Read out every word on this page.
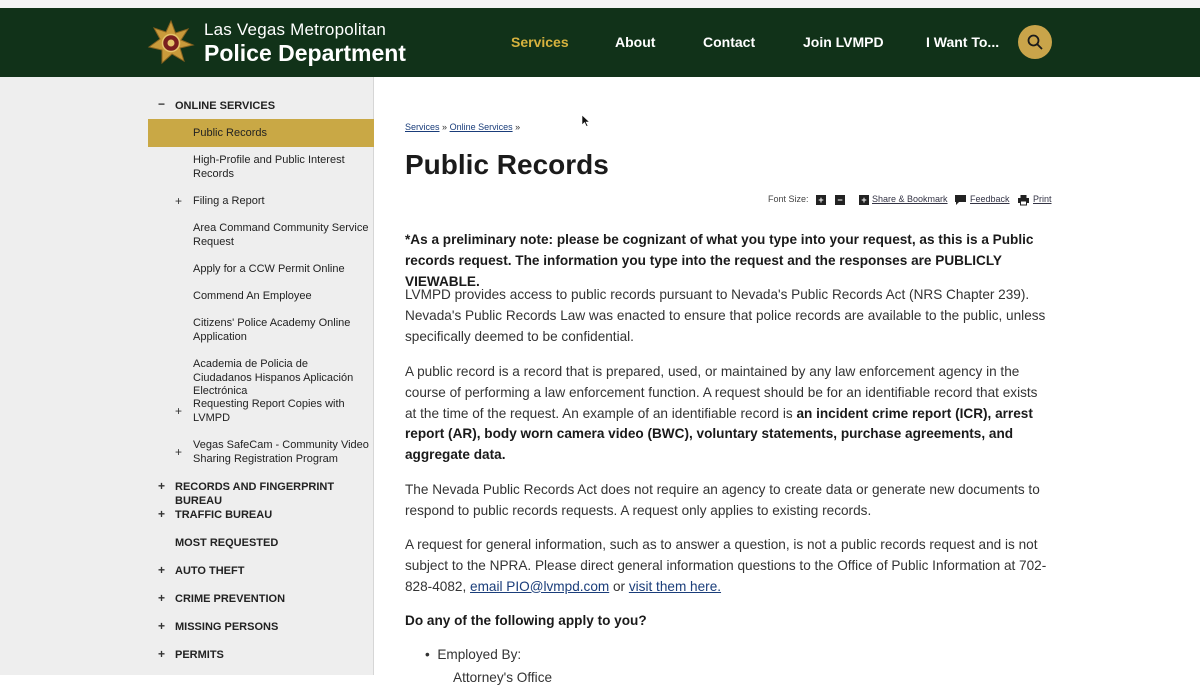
Las Vegas Metropolitan
Police Department	Services	About	Contact	Join LVMPD	I Want To...
− ONLINE SERVICES
Public Records
High-Profile and Public Interest Records
+ Filing a Report
Area Command Community Service Request
Apply for a CCW Permit Online
Commend An Employee
Citizens' Police Academy Online Application
Academia de Policia de Ciudadanos Hispanos Aplicación Electrónica
+ Requesting Report Copies with LVMPD
+ Vegas SafeCam - Community Video Sharing Registration Program
+ RECORDS AND FINGERPRINT BUREAU
+ TRAFFIC BUREAU
MOST REQUESTED
+ AUTO THEFT
+ CRIME PREVENTION
+ MISSING PERSONS
+ PERMITS
Services » Online Services »
Public Records
Font Size: + − + Share & Bookmark Feedback	Print
*As a preliminary note: please be cognizant of what you type into your request, as this is a Public records request. The information you type into the request and the responses are PUBLICLY VIEWABLE.
LVMPD provides access to public records pursuant to Nevada's Public Records Act (NRS Chapter 239). Nevada's Public Records Law was enacted to ensure that police records are available to the public, unless specifically deemed to be confidential.
A public record is a record that is prepared, used, or maintained by any law enforcement agency in the course of performing a law enforcement function. A request should be for an identifiable record that exists at the time of the request. An example of an identifiable record is an incident crime report (ICR), arrest report (AR), body worn camera video (BWC), voluntary statements, purchase agreements, and aggregate data.
The Nevada Public Records Act does not require an agency to create data or generate new documents to respond to public records requests. A request only applies to existing records.
A request for general information, such as to answer a question, is not a public records request and is not subject to the NPRA. Please direct general information questions to the Office of Public Information at 702-828-4082, email PIO@lvmpd.com or visit them here.
Do any of the following apply to you?
•  Employed By:
Attorney's Office
